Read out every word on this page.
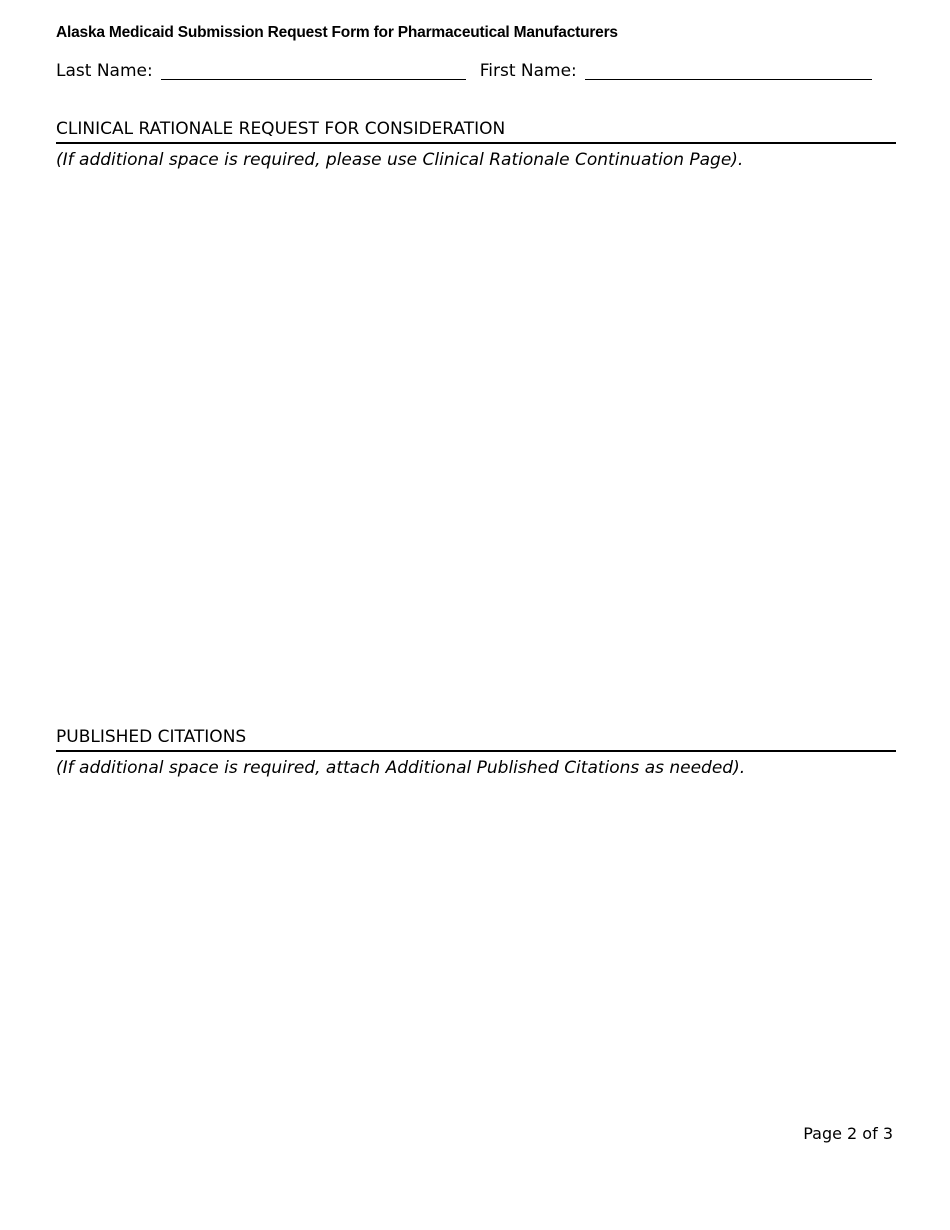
Alaska Medicaid Submission Request Form for Pharmaceutical Manufacturers
Last Name:	First Name:
CLINICAL RATIONALE REQUEST FOR CONSIDERATION
(If additional space is required, please use Clinical Rationale Continuation Page).
PUBLISHED CITATIONS
(If additional space is required, attach Additional Published Citations as needed).
Page 2 of 3
